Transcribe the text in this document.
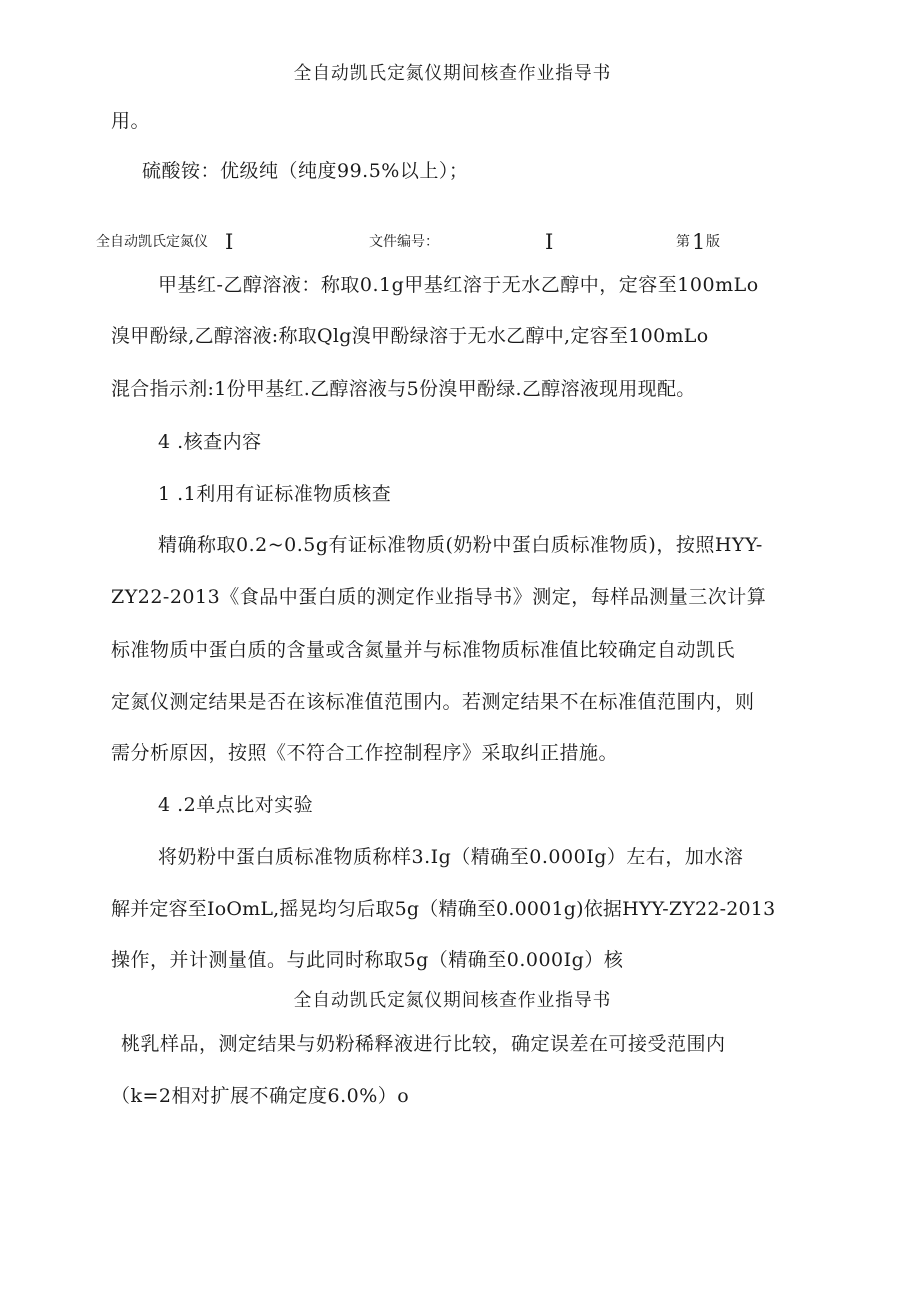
全自动凯氏定氮仪期间核查作业指导书
用。
硫酸铵：优级纯（纯度99.5%以上）；
全自动凯氏定氮仪 I	文件编号：	I	第 1 版
甲基红-乙醇溶液：称取0.1g甲基红溶于无水乙醇中，定容至100mLo
溴甲酚绿,乙醇溶液:称取Qlg溴甲酚绿溶于无水乙醇中,定容至100mLo
混合指示剂:1份甲基红.乙醇溶液与5份溴甲酚绿.乙醇溶液现用现配。
4 .核查内容
1 .1利用有证标准物质核查
精确称取0.2~0.5g有证标准物质(奶粉中蛋白质标准物质)，按照HYY-
ZY22-2013《食品中蛋白质的测定作业指导书》测定，每样品测量三次计算
标准物质中蛋白质的含量或含氮量并与标准物质标准值比较确定自动凯氏
定氮仪测定结果是否在该标准值范围内。若测定结果不在标准值范围内，则
需分析原因，按照《不符合工作控制程序》采取纠正措施。
4 .2单点比对实验
将奶粉中蛋白质标准物质称样3.Ig（精确至0.000Ig）左右，加水溶
解并定容至IoOmL,摇晃均匀后取5g（精确至0.0001g)依据HYY-ZY22-2013
操作，并计测量值。与此同时称取5g（精确至0.000Ig）核
全自动凯氏定氮仪期间核查作业指导书
桃乳样品，测定结果与奶粉稀释液进行比较，确定误差在可接受范围内
（k=2相对扩展不确定度6.0%）o
